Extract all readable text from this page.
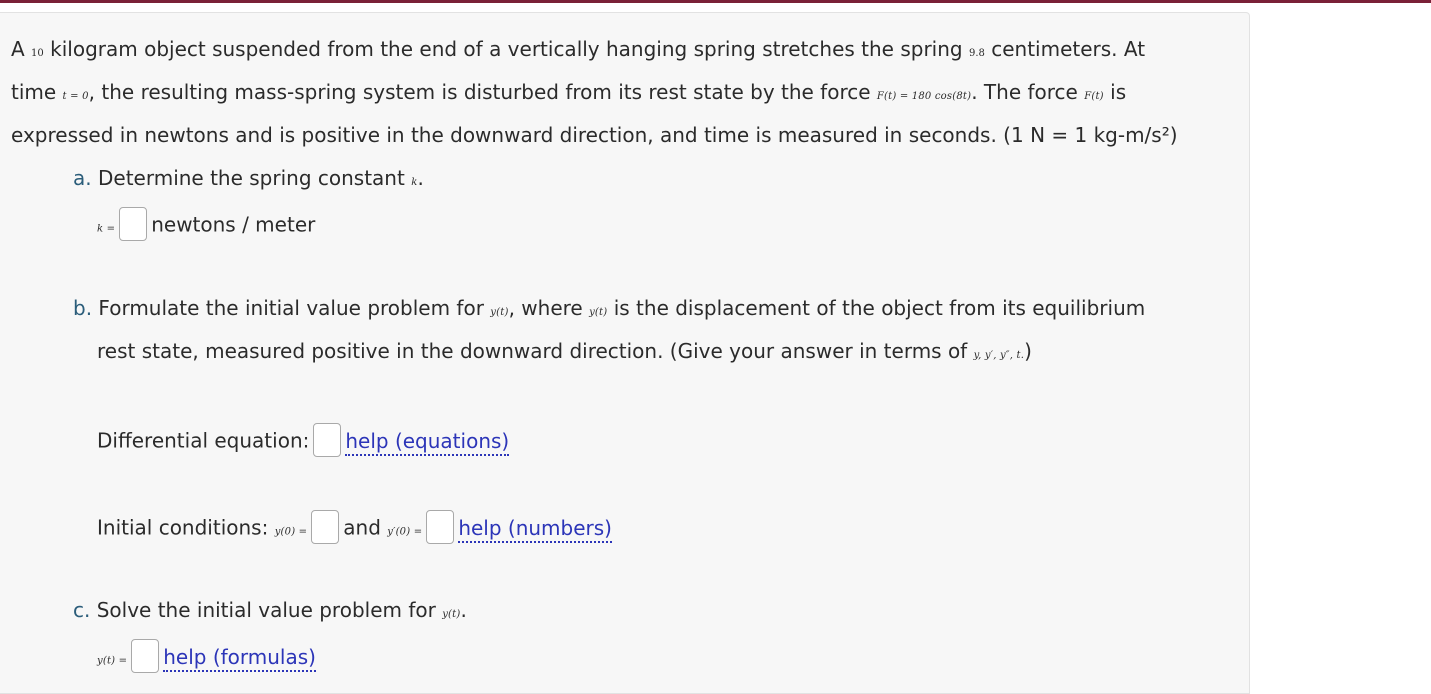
A 10 kilogram object suspended from the end of a vertically hanging spring stretches the spring 9.8 centimeters. At
time t = 0, the resulting mass-spring system is disturbed from its rest state by the force F(t) = 180 cos(8t). The force F(t) is
expressed in newtons and is positive in the downward direction, and time is measured in seconds. (1 N = 1 kg-m/s²)
a. Determine the spring constant k.
k = newtons / meter
b. Formulate the initial value problem for y(t), where y(t) is the displacement of the object from its equilibrium
rest state, measured positive in the downward direction. (Give your answer in terms of y, y′, y″, t.)
Differential equation: help (equations)
Initial conditions: y(0) = and y′(0) = help (numbers)
c. Solve the initial value problem for y(t).
y(t) = help (formulas)
